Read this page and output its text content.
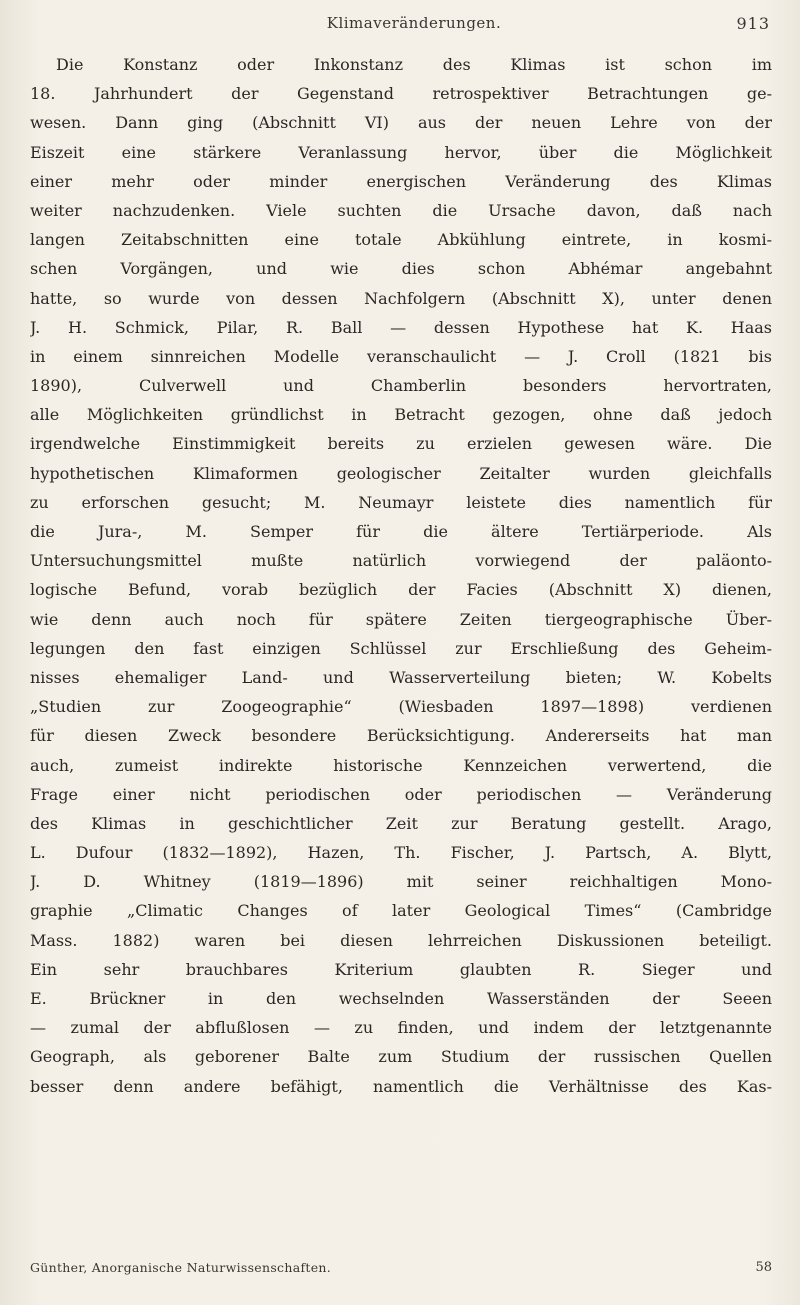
Klimaveränderungen.	913
Die Konstanz oder Inkonstanz des Klimas ist schon im
18. Jahrhundert der Gegenstand retrospektiver Betrachtungen ge-
wesen. Dann ging (Abschnitt VI) aus der neuen Lehre von der
Eiszeit eine stärkere Veranlassung hervor, über die Möglichkeit
einer mehr oder minder energischen Veränderung des Klimas
weiter nachzudenken. Viele suchten die Ursache davon, daß nach
langen Zeitabschnitten eine totale Abkühlung eintrete, in kosmi-
schen Vorgängen, und wie dies schon Abhémar angebahnt
hatte, so wurde von dessen Nachfolgern (Abschnitt X), unter denen
J. H. Schmick, Pilar, R. Ball — dessen Hypothese hat K. Haas
in einem sinnreichen Modelle veranschaulicht — J. Croll (1821 bis
1890), Culverwell und Chamberlin besonders hervortraten,
alle Möglichkeiten gründlichst in Betracht gezogen, ohne daß jedoch
irgendwelche Einstimmigkeit bereits zu erzielen gewesen wäre. Die
hypothetischen Klimaformen geologischer Zeitalter wurden gleichfalls
zu erforschen gesucht; M. Neumayr leistete dies namentlich für
die Jura-, M. Semper für die ältere Tertiärperiode. Als
Untersuchungsmittel mußte natürlich vorwiegend der paläonto-
logische Befund, vorab bezüglich der Facies (Abschnitt X) dienen,
wie denn auch noch für spätere Zeiten tiergeographische Über-
legungen den fast einzigen Schlüssel zur Erschließung des Geheim-
nisses ehemaliger Land- und Wasserverteilung bieten; W. Kobelts
„Studien zur Zoogeographie“ (Wiesbaden 1897—1898) verdienen
für diesen Zweck besondere Berücksichtigung. Andererseits hat man
auch, zumeist indirekte historische Kennzeichen verwertend, die
Frage einer nicht periodischen oder periodischen — Veränderung
des Klimas in geschichtlicher Zeit zur Beratung gestellt. Arago,
L. Dufour (1832—1892), Hazen, Th. Fischer, J. Partsch, A. Blytt,
J. D. Whitney (1819—1896) mit seiner reichhaltigen Mono-
graphie „Climatic Changes of later Geological Times“ (Cambridge
Mass. 1882) waren bei diesen lehrreichen Diskussionen beteiligt.
Ein sehr brauchbares Kriterium glaubten R. Sieger und
E. Brückner in den wechselnden Wasserständen der Seeen
— zumal der abflußlosen — zu finden, und indem der letztgenannte
Geograph, als geborener Balte zum Studium der russischen Quellen
besser denn andere befähigt, namentlich die Verhältnisse des Kas-
Günther, Anorganische Naturwissenschaften.	58
